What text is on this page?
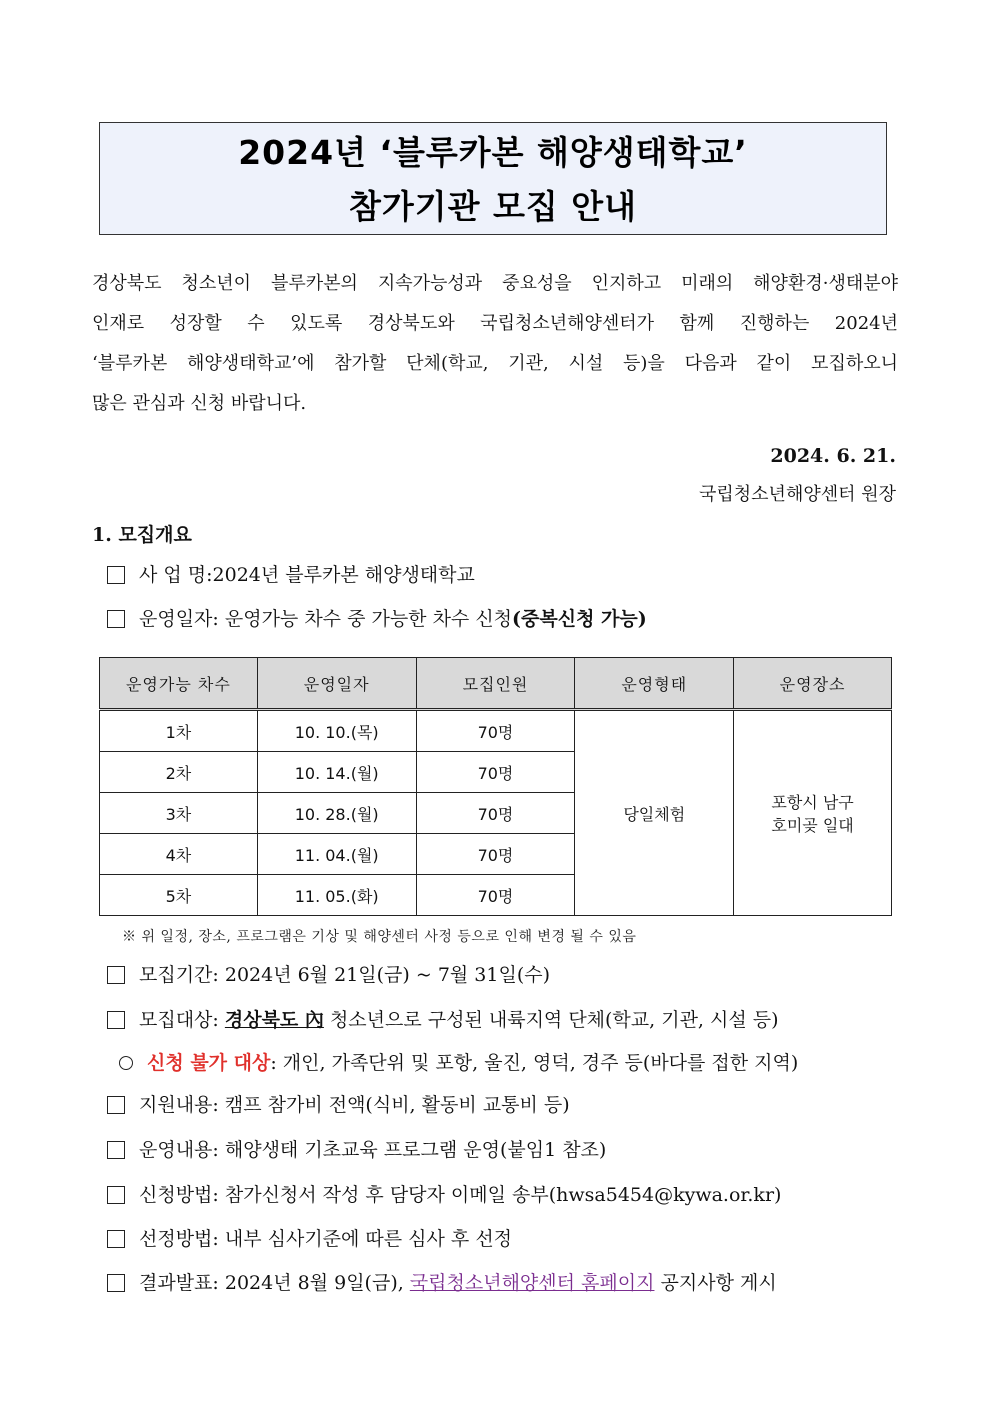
2024년 ‘블루카본 해양생태학교’
참가기관 모집 안내
경상북도 청소년이 블루카본의 지속가능성과 중요성을 인지하고 미래의 해양환경·생태분야
인재로 성장할 수 있도록 경상북도와 국립청소년해양센터가 함께 진행하는 2024년
‘블루카본 해양생태학교’에 참가할 단체(학교, 기관, 시설 등)을 다음과 같이 모집하오니
많은 관심과 신청 바랍니다.
2024. 6. 21.
국립청소년해양센터 원장
1. 모집개요
사 업 명:2024년 블루카본 해양생태학교
운영일자: 운영가능 차수 중 가능한 차수 신청(중복신청 가능)
운영가능 차수	운영일자	모집인원	운영형태	운영장소
1차	10. 10.(목)	70명	당일체험	포항시 남구
호미곶 일대

2차	10. 14.(월)	70명		
3차	10. 28.(월)	70명		
4차	11. 04.(월)	70명		
5차	11. 05.(화)	70명		
※ 위 일정, 장소, 프로그램은 기상 및 해양센터 사정 등으로 인해 변경 될 수 있음
모집기간: 2024년 6월 21일(금) ~ 7월 31일(수)
모집대상: 경상북도 內 청소년으로 구성된 내륙지역 단체(학교, 기관, 시설 등)
신청 불가 대상: 개인, 가족단위 및 포항, 울진, 영덕, 경주 등(바다를 접한 지역)
지원내용: 캠프 참가비 전액(식비, 활동비 교통비 등)
운영내용: 해양생태 기초교육 프로그램 운영(붙임1 참조)
신청방법: 참가신청서 작성 후 담당자 이메일 송부(hwsa5454@kywa.or.kr)
선정방법: 내부 심사기준에 따른 심사 후 선정
결과발표: 2024년 8월 9일(금), 국립청소년해양센터 홈페이지 공지사항 게시
